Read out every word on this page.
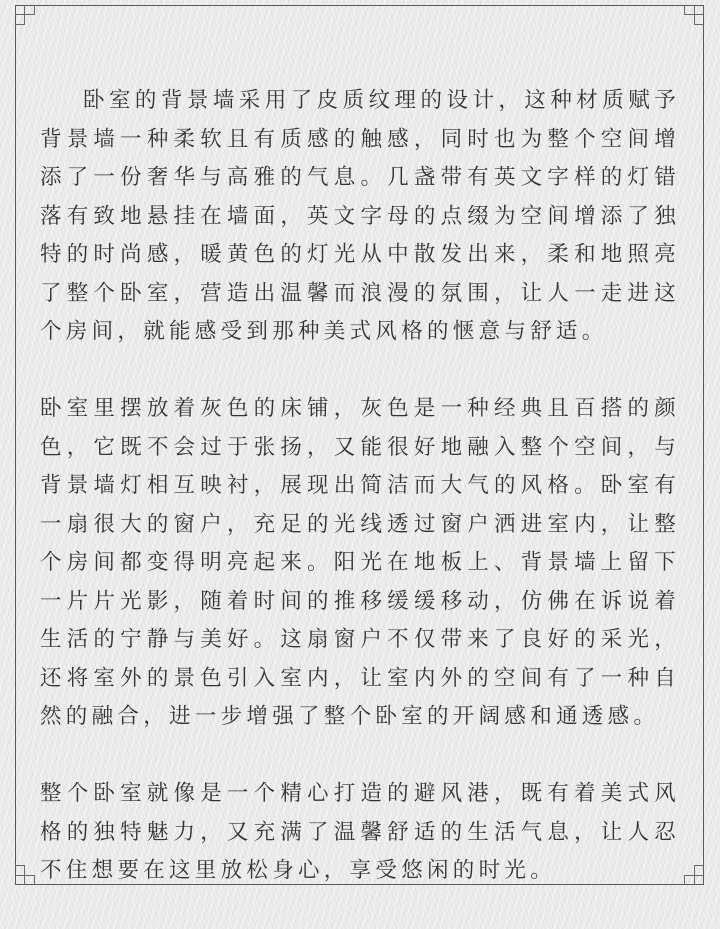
卧室的背景墙采用了皮质纹理的设计，这种材质赋予背景墙一种柔软且有质感的触感，同时也为整个空间增添了一份奢华与高雅的气息。几盏带有英文字样的灯错落有致地悬挂在墙面，英文字母的点缀为空间增添了独特的时尚感，暖黄色的灯光从中散发出来，柔和地照亮了整个卧室，营造出温馨而浪漫的氛围，让人一走进这个房间，就能感受到那种美式风格的惬意与舒适。

卧室里摆放着灰色的床铺，灰色是一种经典且百搭的颜色，它既不会过于张扬，又能很好地融入整个空间，与背景墙灯相互映衬，展现出简洁而大气的风格。卧室有一扇很大的窗户，充足的光线透过窗户洒进室内，让整个房间都变得明亮起来。阳光在地板上、背景墙上留下一片片光影，随着时间的推移缓缓移动，仿佛在诉说着生活的宁静与美好。这扇窗户不仅带来了良好的采光，还将室外的景色引入室内，让室内外的空间有了一种自然的融合，进一步增强了整个卧室的开阔感和通透感。

整个卧室就像是一个精心打造的避风港，既有着美式风格的独特魅力，又充满了温馨舒适的生活气息，让人忍不住想要在这里放松身心，享受悠闲的时光。
